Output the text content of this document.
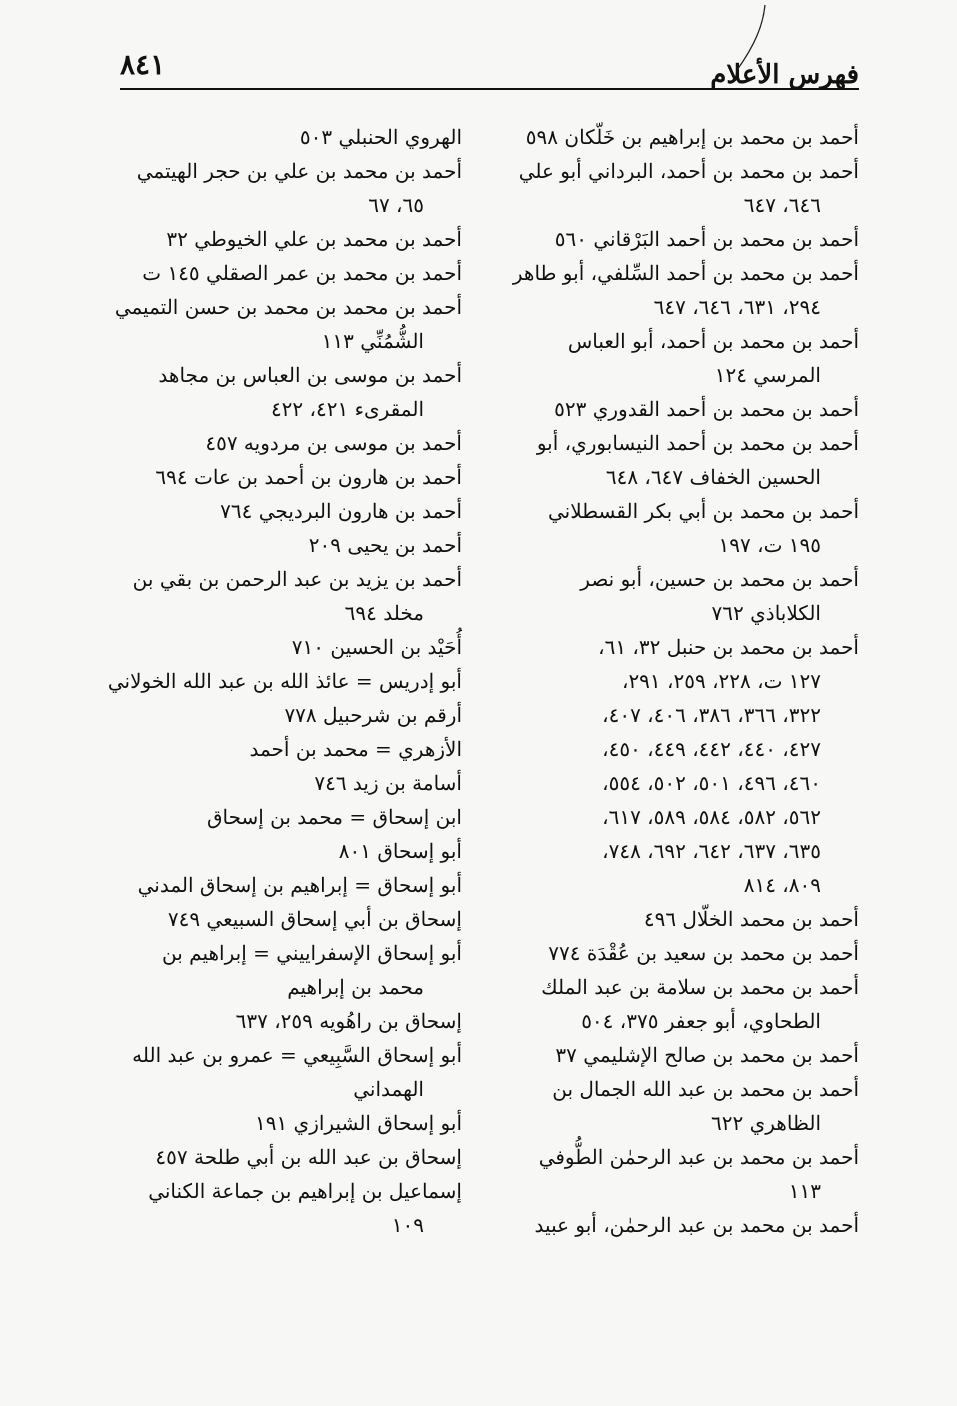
فهرس الأعلام
٨٤١
أحمد بن محمد بن إبراهيم بن خَلّكان ٥٩٨
أحمد بن محمد بن أحمد، البرداني أبو علي
٦٤٦، ٦٤٧
أحمد بن محمد بن أحمد البَرْقاني ٥٦٠
أحمد بن محمد بن أحمد السِّلفي، أبو طاهر
٢٩٤، ٦٣١، ٦٤٦، ٦٤٧
أحمد بن محمد بن أحمد، أبو العباس
المرسي ١٢٤
أحمد بن محمد بن أحمد القدوري ٥٢٣
أحمد بن محمد بن أحمد النيسابوري، أبو
الحسين الخفاف ٦٤٧، ٦٤٨
أحمد بن محمد بن أبي بكر القسطلاني
١٩٥ ت، ١٩٧
أحمد بن محمد بن حسين، أبو نصر
الكلاباذي ٧٦٢
أحمد بن محمد بن حنبل ٣٢، ٦١،
١٢٧ ت، ٢٢٨، ٢٥٩، ٢٩١،
٣٢٢، ٣٦٦، ٣٨٦، ٤٠٦، ٤٠٧،
٤٢٧، ٤٤٠، ٤٤٢، ٤٤٩، ٤٥٠،
٤٦٠، ٤٩٦، ٥٠١، ٥٠٢، ٥٥٤،
٥٦٢، ٥٨٢، ٥٨٤، ٥٨٩، ٦١٧،
٦٣٥، ٦٣٧، ٦٤٢، ٦٩٢، ٧٤٨،
٨٠٩، ٨١٤
أحمد بن محمد الخلّال ٤٩٦
أحمد بن محمد بن سعيد بن عُقْدَة ٧٧٤
أحمد بن محمد بن سلامة بن عبد الملك
الطحاوي، أبو جعفر ٣٧٥، ٥٠٤
أحمد بن محمد بن صالح الإشليمي ٣٧
أحمد بن محمد بن عبد الله الجمال بن
الظاهري ٦٢٢
أحمد بن محمد بن عبد الرحمٰن الطُّوفي
١١٣
أحمد بن محمد بن عبد الرحمٰن، أبو عبيد
الهروي الحنبلي ٥٠٣
أحمد بن محمد بن علي بن حجر الهيتمي
٦٥، ٦٧
أحمد بن محمد بن علي الخيوطي ٣٢
أحمد بن محمد بن عمر الصقلي ١٤٥ ت
أحمد بن محمد بن محمد بن حسن التميمي
الشُّمُنِّي ١١٣
أحمد بن موسى بن العباس بن مجاهد
المقرىء ٤٢١، ٤٢٢
أحمد بن موسى بن مردويه ٤٥٧
أحمد بن هارون بن أحمد بن عات ٦٩٤
أحمد بن هارون البرديجي ٧٦٤
أحمد بن يحيى ٢٠٩
أحمد بن يزيد بن عبد الرحمن بن بقي بن
مخلد ٦٩٤
أُحَيْد بن الحسين ٧١٠
أبو إدريس = عائذ الله بن عبد الله الخولاني
أرقم بن شرحبيل ٧٧٨
الأزهري = محمد بن أحمد
أسامة بن زيد ٧٤٦
ابن إسحاق = محمد بن إسحاق
أبو إسحاق ٨٠١
أبو إسحاق = إبراهيم بن إسحاق المدني
إسحاق بن أبي إسحاق السبيعي ٧٤٩
أبو إسحاق الإسفراييني = إبراهيم بن
محمد بن إبراهيم
إسحاق بن راهُويه ٢٥٩، ٦٣٧
أبو إسحاق السَّبِيعي = عمرو بن عبد الله
الهمداني
أبو إسحاق الشيرازي ١٩١
إسحاق بن عبد الله بن أبي طلحة ٤٥٧
إسماعيل بن إبراهيم بن جماعة الكناني
١٠٩
